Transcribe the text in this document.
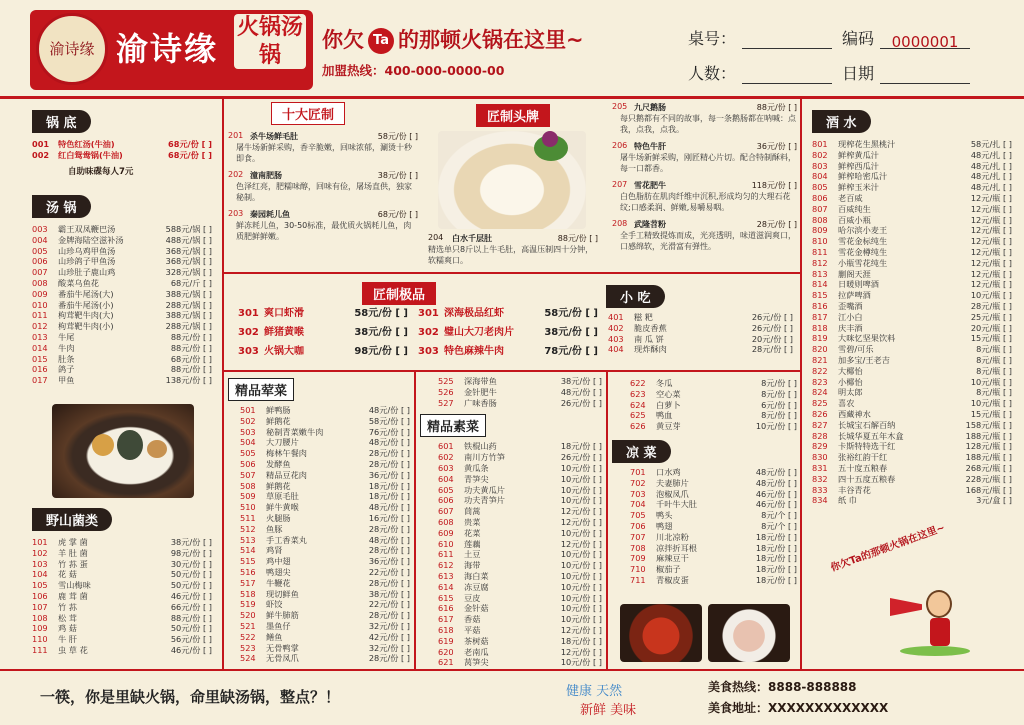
渝诗缘 渝诗缘
火锅汤锅
你欠 Ta 的那顿火锅在这里~
加盟热线：400-000-0000-00
桌号：	编码 0000001
人数：	日期
锅 底
001	特色红汤(牛油)	68元/份 [ ]
002	红白鸳鸯锅(牛油)	68元/份 [ ]
自助味碟每人7元
汤 锅
003	霸王双凤鞭巴汤	588元/锅 [ ]
004	金牌海陆空滋补汤	488元/锅 [ ]
005	山珍乌鸡甲鱼汤	368元/锅 [ ]
006	山珍鸽子甲鱼汤	368元/锅 [ ]
007	山珍肚子鹿山鸡	328元/锅 [ ]
008	酸菜乌鱼花	68元/斤 [ ]
009	番茄牛尾汤(大)	388元/锅 [ ]
010	番茄牛尾汤(小)	288元/锅 [ ]
011	枸茸靶牛肉(大)	388元/锅 [ ]
012	枸茸靶牛肉(小)	288元/锅 [ ]
013	牛尾	88元/份 [ ]
014	牛肉	88元/份 [ ]
015	肚条	68元/份 [ ]
016	鸽子	88元/份 [ ]
017	甲鱼	138元/份 [ ]
野山菌类
101	虎 掌 菌	38元/份 [ ]
102	羊 肚 菌	98元/份 [ ]
103	竹 荪 蛋	30元/份 [ ]
104	花 菇	50元/份 [ ]
105	雪山梅味	50元/份 [ ]
106	鹿 茸 菌	46元/份 [ ]
107	竹 荪	66元/份 [ ]
108	松 茸	88元/份 [ ]
109	鸡 菇	50元/份 [ ]
110	牛 肝	56元/份 [ ]
111	虫 草 花	46元/份 [ ]
十大匠制
201 杀牛场鲜毛肚	58元/份 [ ]
屠牛场新鲜采购，香辛脆嫩，回味浓郁，涮烫十秒即食。
202 潼南肥肠	38元/份 [ ]
色泽红亮，肥糯味醇，回味有俭，屠场直供，独家秘制。
203 秦园耗儿鱼	68元/份 [ ]
鲜冻耗儿鱼，30-50标准，最优质火锅耗儿鱼，肉质肥鲜鲜嫩。
匠制头牌
204	白水千层肚	88元/份 [ ]
精选单只8斤以上牛毛肚，高温压制四十分钟，软糯爽口。
205 九尺鹅肠	88元/份 [ ]
每只鹅都有不同的故事，每一条鹅肠都在呐喊：点我，点我，点我。
206 特色牛肝	36元/份 [ ]
屠牛场新鲜采购，刚匠精心片切。配合特制酥料，每一口都香。
207 雪花肥牛	118元/份 [ ]
白色脂肪在肌肉纤维中沉积,形成均匀的大理石花纹;口感柔润、鲜嫩,易嚼易咽。
208 武隆苕粉	28元/份 [ ]
全手工精致提炼而成，光亮透明，味道滋润爽口，口感绵软，光滑富有弹性。
匠制极品
301 爽口虾滑	58元/份 [ ]
302 鲜猪黄喉	38元/份 [ ]
303 火锅大咖	98元/份 [ ]
301 深海极品红虾	58元/份 [ ]
302 璧山大刀老肉片	38元/份 [ ]
303 特色麻辣牛肉	78元/份 [ ]
小 吃
401	糍 粑	26元/份 [ ]
402	脆皮香蕉	26元/份 [ ]
403	南 瓜 饼	20元/份 [ ]
404	现炸酥肉	28元/份 [ ]
精品荤菜
501	鲜鸭肠	48元/份 [ ]
502	鲜鹅花	58元/份 [ ]
503	秘制青菜嫩牛肉	76元/份 [ ]
504	大刀腰片	48元/份 [ ]
505	梅林午餐肉	28元/份 [ ]
506	发酵鱼	28元/份 [ ]
507	精品豆花肉	36元/份 [ ]
508	鲜鹅花	18元/份 [ ]
509	草原毛肚	18元/份 [ ]
510	鲜牛黄喉	48元/份 [ ]
511	火腿肠	16元/份 [ ]
512	鱼豚	28元/份 [ ]
513	手工香菜丸	48元/份 [ ]
514	鸡肾	28元/份 [ ]
515	鸡中翅	36元/份 [ ]
516	鸭翅尖	22元/份 [ ]
517	牛鞭花	28元/份 [ ]
518	现切鲜鱼	38元/份 [ ]
519	虾饺	22元/份 [ ]
520	鲜牛肺筋	28元/份 [ ]
521	墨鱼仔	32元/份 [ ]
522	鳝鱼	42元/份 [ ]
523	无骨鸭掌	32元/份 [ ]
524	无骨凤爪	28元/份 [ ]
525	深海带鱼	38元/份 [ ]
526	金针肥牛	48元/份 [ ]
527	广味香肠	26元/份 [ ]
精品素菜
601	铁棍山药	18元/份 [ ]
602	南川方竹笋	26元/份 [ ]
603	黄瓜条	10元/份 [ ]
604	青笋尖	10元/份 [ ]
605	功夫黄瓜片	10元/份 [ ]
606	功夫青笋片	10元/份 [ ]
607	茼蒿	12元/份 [ ]
608	贵菜	12元/份 [ ]
609	花菜	10元/份 [ ]
610	莲藕	12元/份 [ ]
611	土豆	10元/份 [ ]
612	海带	10元/份 [ ]
613	海白菜	10元/份 [ ]
614	冻豆腐	10元/份 [ ]
615	豆皮	10元/份 [ ]
616	金针菇	10元/份 [ ]
617	香菇	10元/份 [ ]
618	平菇	12元/份 [ ]
619	茶树菇	18元/份 [ ]
620	老南瓜	12元/份 [ ]
621	莴笋尖	10元/份 [ ]
622	冬瓜	8元/份 [ ]
623	空心菜	8元/份 [ ]
624	白萝卜	6元/份 [ ]
625	鸭血	8元/份 [ ]
626	黄豆芽	10元/份 [ ]
凉 菜
701	口水鸡	48元/份 [ ]
702	夫妻肺片	48元/份 [ ]
703	泡椒凤爪	46元/份 [ ]
704	千叶牛大肚	46元/份 [ ]
705	鸭头	8元/个 [ ]
706	鸭翅	8元/个 [ ]
707	川北凉粉	18元/份 [ ]
708	凉拌折耳根	18元/份 [ ]
709	麻辣豆干	18元/份 [ ]
710	椒茄子	18元/份 [ ]
711	青椒皮蛋	18元/份 [ ]
酒 水
801	现榨花生黑桃汁	58元/扎 [ ]
802	鲜榨黄瓜汁	48元/扎 [ ]
803	鲜榨西瓜汁	48元/扎 [ ]
804	鲜榨哈密瓜汁	48元/扎 [ ]
805	鲜榨玉米汁	48元/扎 [ ]
806	老百威	12元/瓶 [ ]
807	百威纯生	12元/瓶 [ ]
808	百威小瓶	12元/瓶 [ ]
809	哈尔滨小麦王	12元/瓶 [ ]
810	雪花金标纯生	12元/瓶 [ ]
811	雪花金樽纯生	12元/瓶 [ ]
812	小瓶雪花纯生	12元/瓶 [ ]
813	蒯阁天涯	12元/瓶 [ ]
814	日暖则啤酒	12元/瓶 [ ]
815	拉萨啤酒	10元/瓶 [ ]
816	歪嘴酒	28元/瓶 [ ]
817	江小白	25元/瓶 [ ]
818	庆丰酒	20元/瓶 [ ]
819	大咪忆坚果饮料	15元/瓶 [ ]
820	雪碧/可乐	8元/瓶 [ ]
821	加多宝/王老吉	8元/瓶 [ ]
822	大椰怡	8元/瓶 [ ]
823	小椰怡	10元/瓶 [ ]
824	明太郎	8元/瓶 [ ]
825	喜农	10元/瓶 [ ]
826	西藏神水	15元/瓶 [ ]
827	长城宝石解百纳	158元/瓶 [ ]
828	长城华夏五年木盒	188元/瓶 [ ]
829	卡斯特特选干红	128元/瓶 [ ]
830	张裕红韵干红	188元/瓶 [ ]
831	五十度五粮春	268元/瓶 [ ]
832	四十五度五粮春	228元/瓶 [ ]
833	丰谷青花	168元/瓶 [ ]
834	纸 巾	3元/盒 [ ]
你欠Ta的那顿火锅在这里~
一筷，你是里缺火锅，命里缺汤锅，整点？！	健康 天然
新鲜 美味
美食热线：8888-888888
美食地址：XXXXXXXXXXXXX
